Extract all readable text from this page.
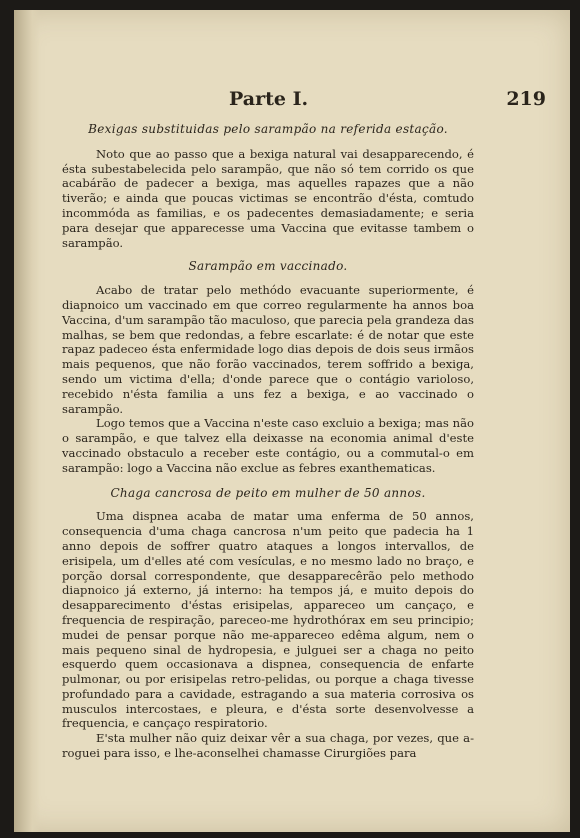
Parte I.	219

Bexigas substituidas pelo sarampão na referida estação.

Noto que ao passo que a bexiga natural vai desapparecendo, é ésta subestabelecida pelo sarampão, que não só tem corrido os que acabárão de padecer a bexiga, mas aquelles rapazes que a não tiverão; e ainda que poucas victimas se encontrão d'ésta, comtudo incommóda as familias, e os padecentes demasiadamente; e seria para desejar que apparecesse uma Vaccina que evitasse tambem o sarampão.

Sarampão em vaccinado.

Acabo de tratar pelo methódo evacuante superiormente, é diapnoico um vaccinado em que correo regularmente ha annos boa Vaccina, d'um sarampão tão maculoso, que parecia pela grandeza das malhas, se bem que redondas, a febre escarlate: é de notar que este rapaz padeceo ésta enfermidade logo dias depois de dois seus irmãos mais pequenos, que não forão vaccinados, terem soffrido a bexiga, sendo um victima d'ella; d'onde parece que o contágio varioloso, recebido n'ésta familia a uns fez a bexiga, e ao vaccinado o sarampão.

Logo temos que a Vaccina n'este caso excluio a bexiga; mas não o sarampão, e que talvez ella deixasse na economia animal d'este vaccinado obstaculo a receber este contágio, ou a commutal-o em sarampão: logo a Vaccina não exclue as febres exanthematicas.

Chaga cancrosa de peito em mulher de 50 annos.

Uma dispnea acaba de matar uma enferma de 50 annos, consequencia d'uma chaga cancrosa n'um peito que padecia ha 1 anno depois de soffrer quatro ataques a longos intervallos, de erisipela, um d'elles até com vesículas, e no mesmo lado no braço, e porção dorsal correspondente, que desapparecêrão pelo methodo diapnoico já externo, já interno: ha tempos já, e muito depois do desapparecimento d'éstas erisipelas, appareceo um cançaço, e frequencia de respiração, pareceo-me hydrothórax em seu principio; mudei de pensar porque não me-appareceo edêma algum, nem o mais pequeno sinal de hydropesia, e julguei ser a chaga no peito esquerdo quem occasionava a dispnea, consequencia de enfarte pulmonar, ou por erisipelas retro-pelidas, ou porque a chaga tivesse profundado para a cavidade, estragando a sua materia corrosiva os musculos intercostaes, e pleura, e d'ésta sorte desenvolvesse a frequencia, e cançaço respiratorio.

E'sta mulher não quiz deixar vêr a sua chaga, por vezes, que a-roguei para isso, e lhe-aconselhei chamasse Cirurgiões para
